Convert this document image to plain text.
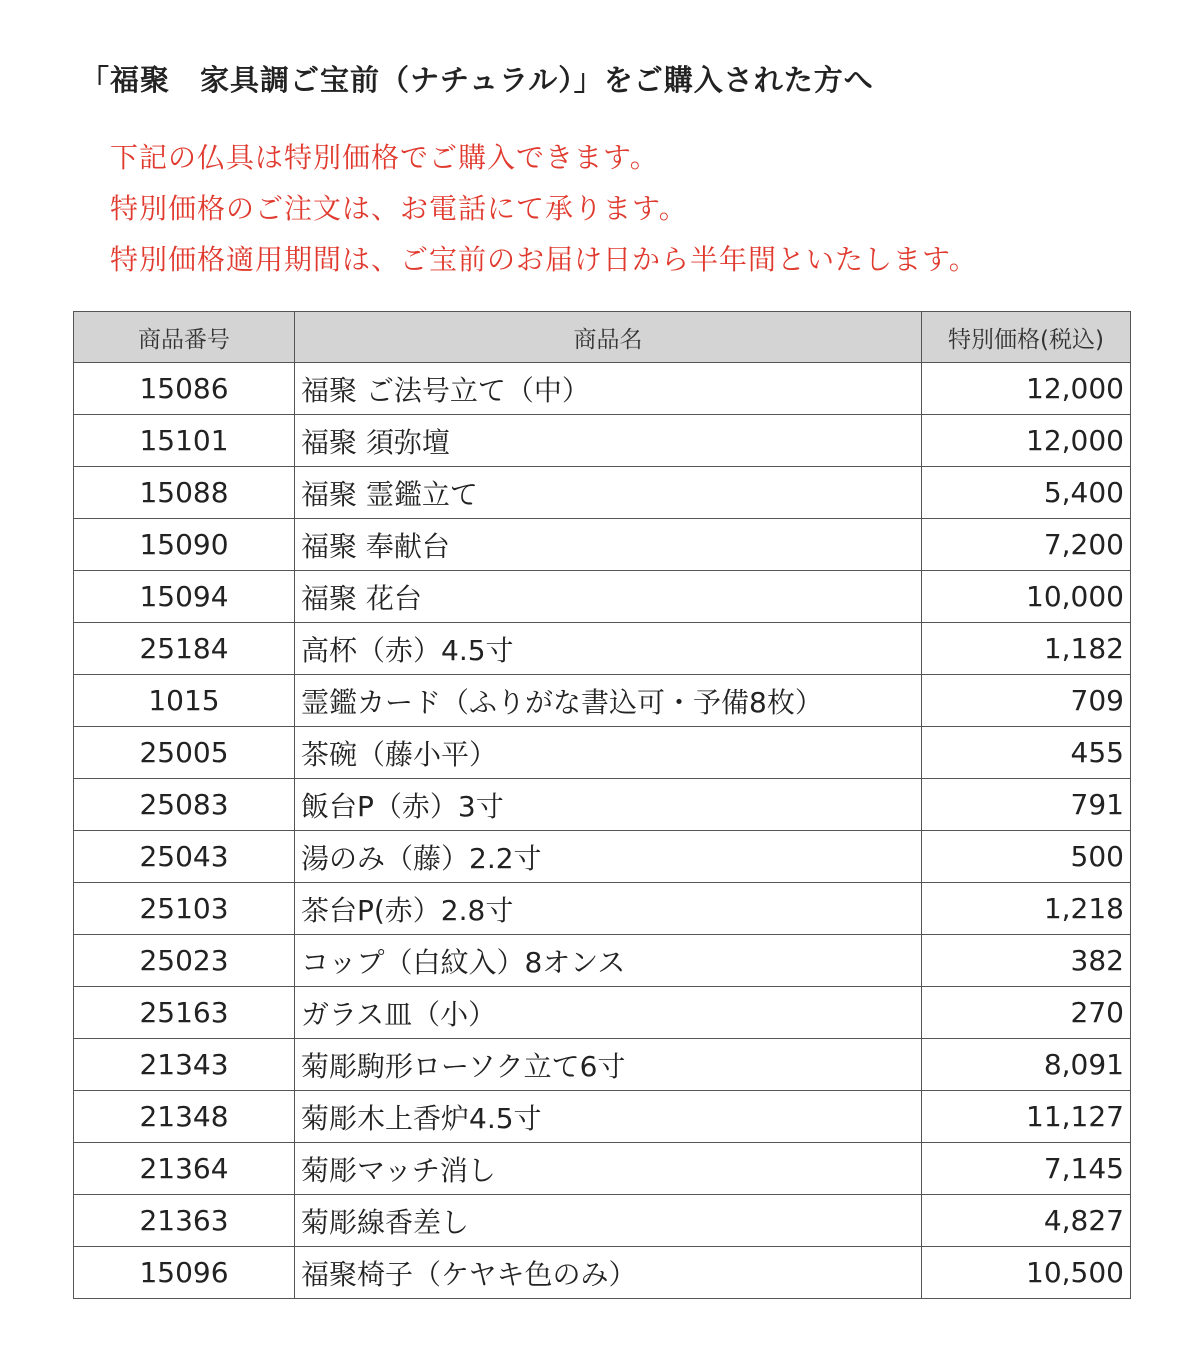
「福聚　家具調ご宝前（ナチュラル）」をご購入された方へ
下記の仏具は特別価格でご購入できます。
特別価格のご注文は、お電話にて承ります。
特別価格適用期間は、ご宝前のお届け日から半年間といたします。
商品番号	商品名	特別価格(税込)
15086	福聚 ご法号立て（中）	12,000
15101	福聚 須弥壇	12,000
15088	福聚 霊鑑立て	5,400
15090	福聚 奉献台	7,200
15094	福聚 花台	10,000
25184	高杯（赤）4.5寸	1,182
1015	霊鑑カード（ふりがな書込可・予備8枚）	709
25005	茶碗（藤小平）	455
25083	飯台P（赤）3寸	791
25043	湯のみ（藤）2.2寸	500
25103	茶台P(赤）2.8寸	1,218
25023	コップ（白紋入）8オンス	382
25163	ガラス皿（小）	270
21343	菊彫駒形ローソク立て6寸	8,091
21348	菊彫木上香炉4.5寸	11,127
21364	菊彫マッチ消し	7,145
21363	菊彫線香差し	4,827
15096	福聚椅子（ケヤキ色のみ）	10,500
